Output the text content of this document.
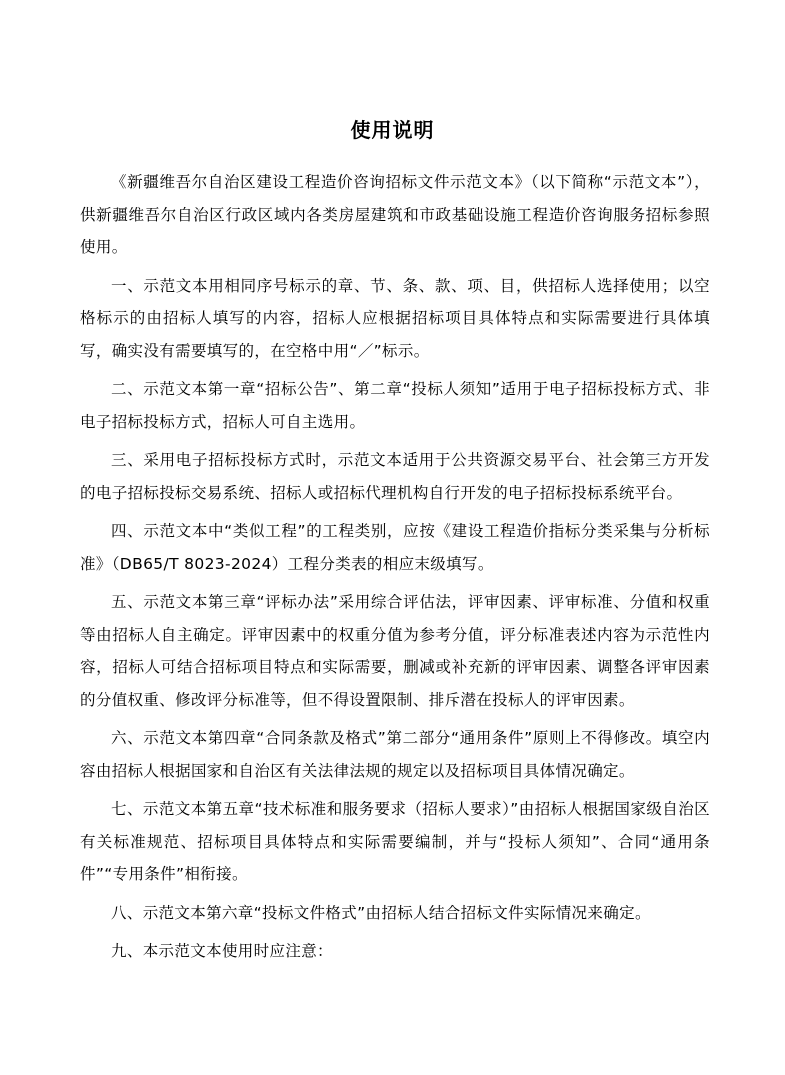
使用说明

《新疆维吾尔自治区建设工程造价咨询招标文件示范文本》（以下简称“示范文本”），供新疆维吾尔自治区行政区域内各类房屋建筑和市政基础设施工程造价咨询服务招标参照使用。

一、示范文本用相同序号标示的章、节、条、款、项、目，供招标人选择使用；以空格标示的由招标人填写的内容，招标人应根据招标项目具体特点和实际需要进行具体填写，确实没有需要填写的，在空格中用“／”标示。

二、示范文本第一章“招标公告”、第二章“投标人须知”适用于电子招标投标方式、非电子招标投标方式，招标人可自主选用。

三、采用电子招标投标方式时，示范文本适用于公共资源交易平台、社会第三方开发的电子招标投标交易系统、招标人或招标代理机构自行开发的电子招标投标系统平台。

四、示范文本中“类似工程”的工程类别，应按《建设工程造价指标分类采集与分析标准》（DB65/T 8023-2024）工程分类表的相应末级填写。

五、示范文本第三章“评标办法”采用综合评估法，评审因素、评审标准、分值和权重等由招标人自主确定。评审因素中的权重分值为参考分值，评分标准表述内容为示范性内容，招标人可结合招标项目特点和实际需要，删减或补充新的评审因素、调整各评审因素的分值权重、修改评分标准等，但不得设置限制、排斥潜在投标人的评审因素。

六、示范文本第四章“合同条款及格式”第二部分“通用条件”原则上不得修改。填空内容由招标人根据国家和自治区有关法律法规的规定以及招标项目具体情况确定。

七、示范文本第五章“技术标准和服务要求（招标人要求）”由招标人根据国家级自治区有关标准规范、招标项目具体特点和实际需要编制，并与“投标人须知”、合同“通用条件”“专用条件”相衔接。

八、示范文本第六章“投标文件格式”由招标人结合招标文件实际情况来确定。

九、本示范文本使用时应注意：
